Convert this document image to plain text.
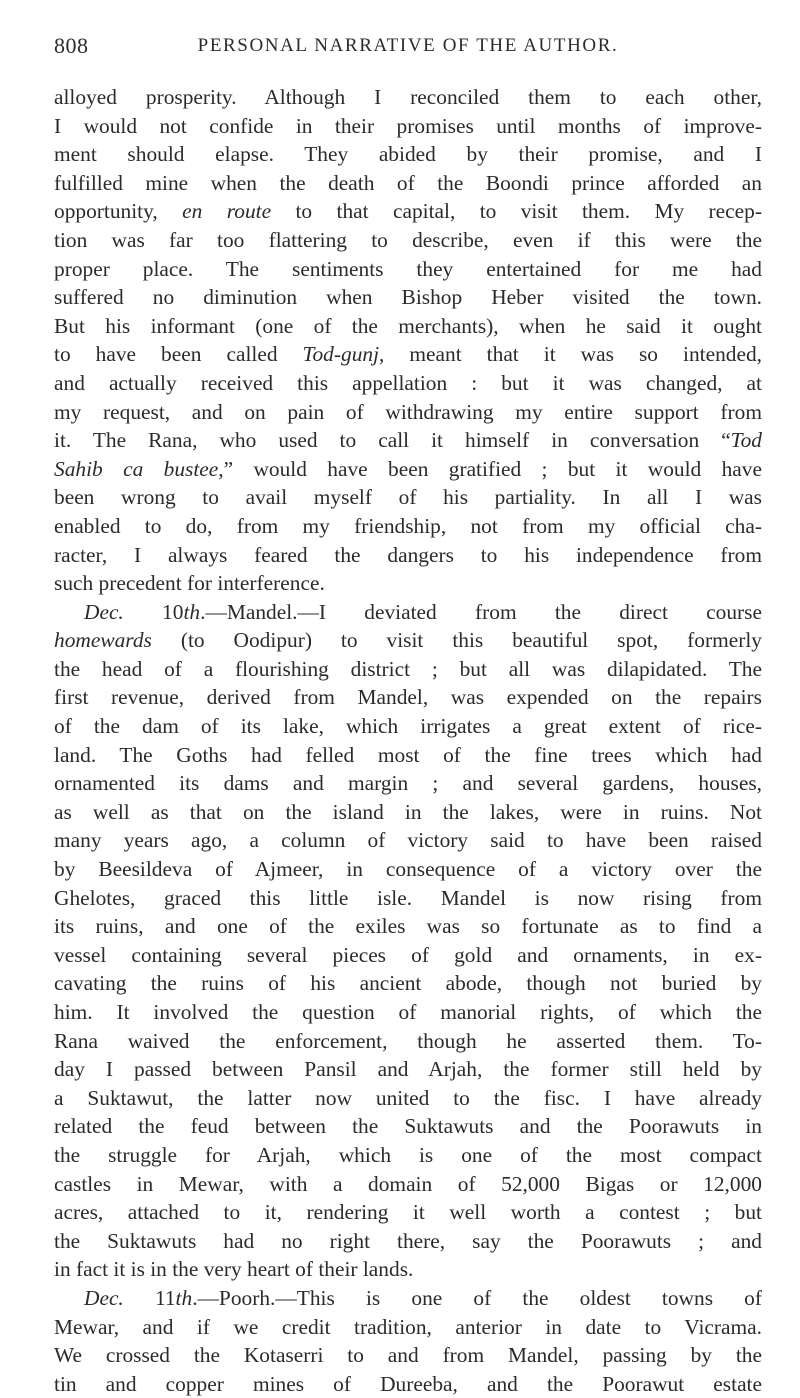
808	PERSONAL NARRATIVE OF THE AUTHOR.
alloyed prosperity. Although I reconciled them to each other,
I would not confide in their promises until months of improve-
ment should elapse. They abided by their promise, and I
fulfilled mine when the death of the Boondi prince afforded an
opportunity, en route to that capital, to visit them. My recep-
tion was far too flattering to describe, even if this were the
proper place. The sentiments they entertained for me had
suffered no diminution when Bishop Heber visited the town.
But his informant (one of the merchants), when he said it ought
to have been called Tod-gunj, meant that it was so intended,
and actually received this appellation : but it was changed, at
my request, and on pain of withdrawing my entire support from
it. The Rana, who used to call it himself in conversation “Tod
Sahib ca bustee,” would have been gratified ; but it would have
been wrong to avail myself of his partiality. In all I was
enabled to do, from my friendship, not from my official cha-
racter, I always feared the dangers to his independence from
such precedent for interference.
Dec. 10th.—Mandel.—I deviated from the direct course
homewards (to Oodipur) to visit this beautiful spot, formerly
the head of a flourishing district ; but all was dilapidated. The
first revenue, derived from Mandel, was expended on the repairs
of the dam of its lake, which irrigates a great extent of rice-
land. The Goths had felled most of the fine trees which had
ornamented its dams and margin ; and several gardens, houses,
as well as that on the island in the lakes, were in ruins. Not
many years ago, a column of victory said to have been raised
by Beesildeva of Ajmeer, in consequence of a victory over the
Ghelotes, graced this little isle. Mandel is now rising from
its ruins, and one of the exiles was so fortunate as to find a
vessel containing several pieces of gold and ornaments, in ex-
cavating the ruins of his ancient abode, though not buried by
him. It involved the question of manorial rights, of which the
Rana waived the enforcement, though he asserted them. To-
day I passed between Pansil and Arjah, the former still held by
a Suktawut, the latter now united to the fisc. I have already
related the feud between the Suktawuts and the Poorawuts in
the struggle for Arjah, which is one of the most compact
castles in Mewar, with a domain of 52,000 Bigas or 12,000
acres, attached to it, rendering it well worth a contest ; but
the Suktawuts had no right there, say the Poorawuts ; and
in fact it is in the very heart of their lands.
Dec. 11th.—Poorh.—This is one of the oldest towns of
Mewar, and if we credit tradition, anterior in date to Vicrama.
We crossed the Kotaserri to and from Mandel, passing by the
tin and copper mines of Dureeba, and the Poorawut estate
